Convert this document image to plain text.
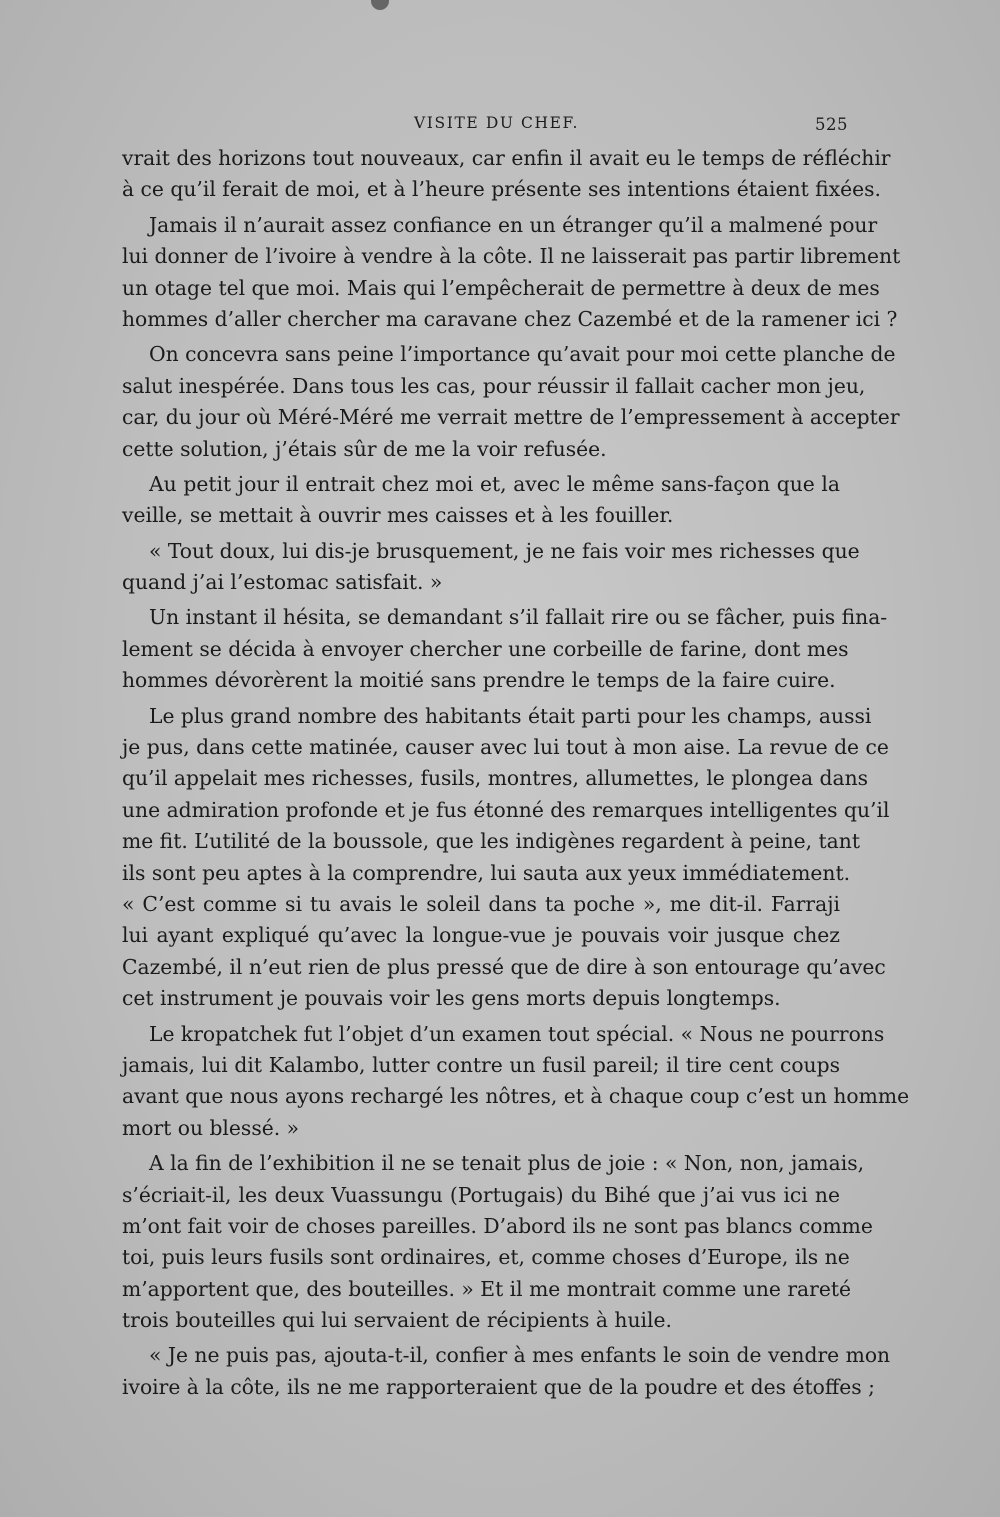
VISITE DU CHEF.	525
vrait des horizons tout nouveaux, car enfin il avait eu le temps de réfléchir
à ce qu’il ferait de moi, et à l’heure présente ses intentions étaient fixées.
Jamais il n’aurait assez confiance en un étranger qu’il a malmené pour
lui donner de l’ivoire à vendre à la côte. Il ne laisserait pas partir librement
un otage tel que moi. Mais qui l’empêcherait de permettre à deux de mes
hommes d’aller chercher ma caravane chez Cazembé et de la ramener ici ?
On concevra sans peine l’importance qu’avait pour moi cette planche de
salut inespérée. Dans tous les cas, pour réussir il fallait cacher mon jeu,
car, du jour où Méré-Méré me verrait mettre de l’empressement à accepter
cette solution, j’étais sûr de me la voir refusée.
Au petit jour il entrait chez moi et, avec le même sans-façon que la
veille, se mettait à ouvrir mes caisses et à les fouiller.
« Tout doux, lui dis-je brusquement, je ne fais voir mes richesses que
quand j’ai l’estomac satisfait. »
Un instant il hésita, se demandant s’il fallait rire ou se fâcher, puis fina-
lement se décida à envoyer chercher une corbeille de farine, dont mes
hommes dévorèrent la moitié sans prendre le temps de la faire cuire.
Le plus grand nombre des habitants était parti pour les champs, aussi
je pus, dans cette matinée, causer avec lui tout à mon aise. La revue de ce
qu’il appelait mes richesses, fusils, montres, allumettes, le plongea dans
une admiration profonde et je fus étonné des remarques intelligentes qu’il
me fit. L’utilité de la boussole, que les indigènes regardent à peine, tant
ils sont peu aptes à la comprendre, lui sauta aux yeux immédiatement.
« C’est comme si tu avais le soleil dans ta poche », me dit-il. Farraji
lui ayant expliqué qu’avec la longue-vue je pouvais voir jusque chez
Cazembé, il n’eut rien de plus pressé que de dire à son entourage qu’avec
cet instrument je pouvais voir les gens morts depuis longtemps.
Le kropatchek fut l’objet d’un examen tout spécial. « Nous ne pourrons
jamais, lui dit Kalambo, lutter contre un fusil pareil; il tire cent coups
avant que nous ayons rechargé les nôtres, et à chaque coup c’est un homme
mort ou blessé. »
A la fin de l’exhibition il ne se tenait plus de joie : « Non, non, jamais,
s’écriait-il, les deux Vuassungu (Portugais) du Bihé que j’ai vus ici ne
m’ont fait voir de choses pareilles. D’abord ils ne sont pas blancs comme
toi, puis leurs fusils sont ordinaires, et, comme choses d’Europe, ils ne
m’apportent que, des bouteilles. » Et il me montrait comme une rareté
trois bouteilles qui lui servaient de récipients à huile.
« Je ne puis pas, ajouta-t-il, confier à mes enfants le soin de vendre mon
ivoire à la côte, ils ne me rapporteraient que de la poudre et des étoffes ;
